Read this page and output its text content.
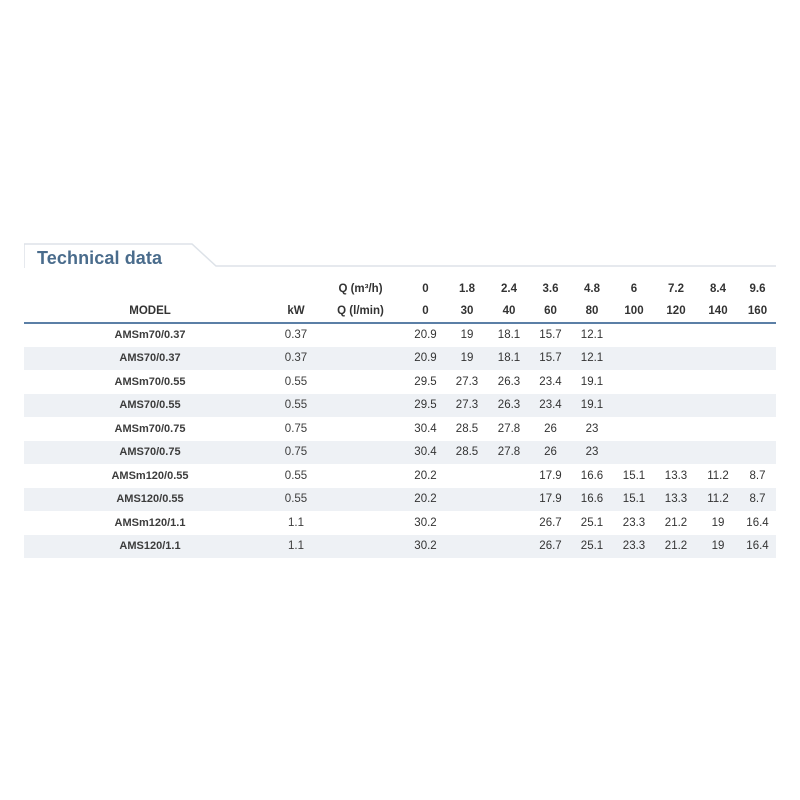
Technical data
		Q (m³/h)	0	1.8	2.4	3.6	4.8	6	7.2	8.4	9.6
MODEL	kW	Q (l/min)	0	30	40	60	80	100	120	140	160
AMSm70/0.37	0.37		20.9	19	18.1	15.7	12.1				
AMS70/0.37	0.37		20.9	19	18.1	15.7	12.1				
AMSm70/0.55	0.55		29.5	27.3	26.3	23.4	19.1				
AMS70/0.55	0.55		29.5	27.3	26.3	23.4	19.1				
AMSm70/0.75	0.75		30.4	28.5	27.8	26	23				
AMS70/0.75	0.75		30.4	28.5	27.8	26	23				
AMSm120/0.55	0.55		20.2			17.9	16.6	15.1	13.3	11.2	8.7
AMS120/0.55	0.55		20.2			17.9	16.6	15.1	13.3	11.2	8.7
AMSm120/1.1	1.1		30.2			26.7	25.1	23.3	21.2	19	16.4
AMS120/1.1	1.1		30.2			26.7	25.1	23.3	21.2	19	16.4
